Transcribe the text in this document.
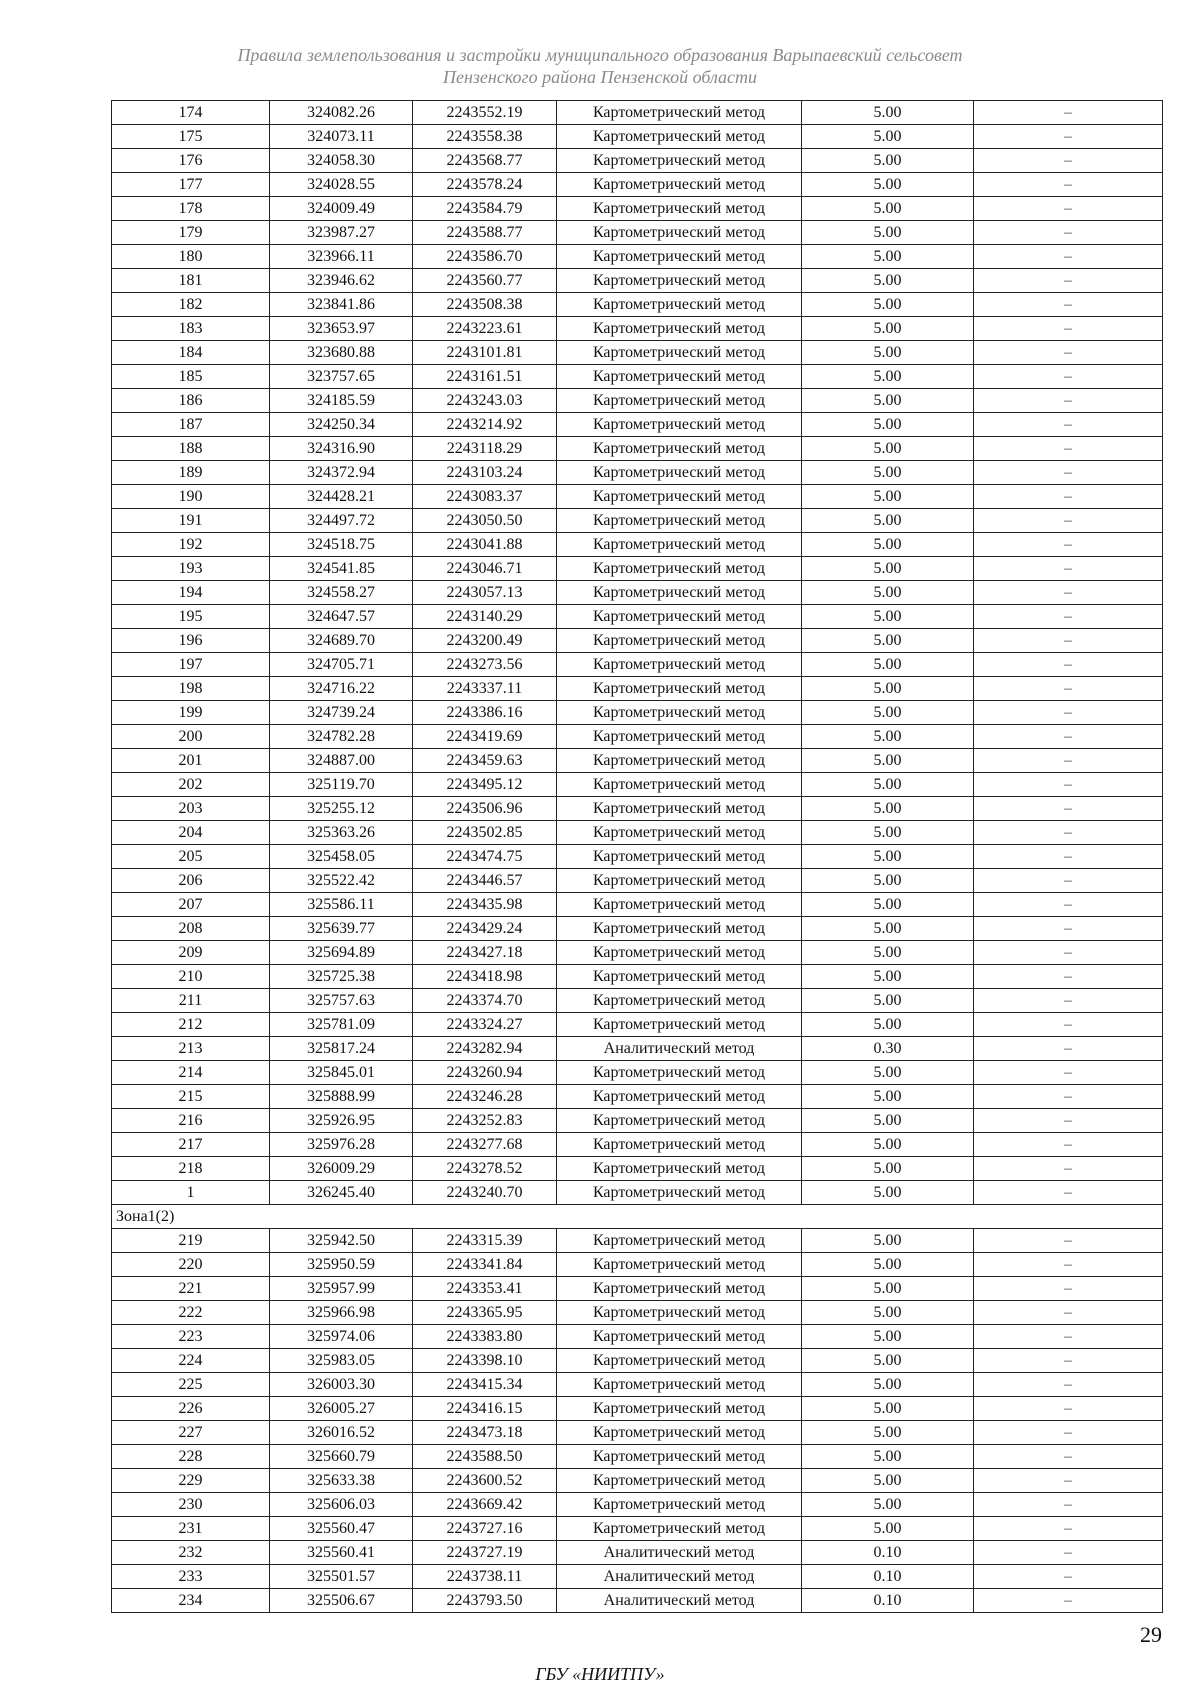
Правила землепользования и застройки муниципального образования Варыпаевский сельсовет
Пензенского района Пензенской области
174	324082.26	2243552.19	Картометрический метод	5.00	–
175	324073.11	2243558.38	Картометрический метод	5.00	–
176	324058.30	2243568.77	Картометрический метод	5.00	–
177	324028.55	2243578.24	Картометрический метод	5.00	–
178	324009.49	2243584.79	Картометрический метод	5.00	–
179	323987.27	2243588.77	Картометрический метод	5.00	–
180	323966.11	2243586.70	Картометрический метод	5.00	–
181	323946.62	2243560.77	Картометрический метод	5.00	–
182	323841.86	2243508.38	Картометрический метод	5.00	–
183	323653.97	2243223.61	Картометрический метод	5.00	–
184	323680.88	2243101.81	Картометрический метод	5.00	–
185	323757.65	2243161.51	Картометрический метод	5.00	–
186	324185.59	2243243.03	Картометрический метод	5.00	–
187	324250.34	2243214.92	Картометрический метод	5.00	–
188	324316.90	2243118.29	Картометрический метод	5.00	–
189	324372.94	2243103.24	Картометрический метод	5.00	–
190	324428.21	2243083.37	Картометрический метод	5.00	–
191	324497.72	2243050.50	Картометрический метод	5.00	–
192	324518.75	2243041.88	Картометрический метод	5.00	–
193	324541.85	2243046.71	Картометрический метод	5.00	–
194	324558.27	2243057.13	Картометрический метод	5.00	–
195	324647.57	2243140.29	Картометрический метод	5.00	–
196	324689.70	2243200.49	Картометрический метод	5.00	–
197	324705.71	2243273.56	Картометрический метод	5.00	–
198	324716.22	2243337.11	Картометрический метод	5.00	–
199	324739.24	2243386.16	Картометрический метод	5.00	–
200	324782.28	2243419.69	Картометрический метод	5.00	–
201	324887.00	2243459.63	Картометрический метод	5.00	–
202	325119.70	2243495.12	Картометрический метод	5.00	–
203	325255.12	2243506.96	Картометрический метод	5.00	–
204	325363.26	2243502.85	Картометрический метод	5.00	–
205	325458.05	2243474.75	Картометрический метод	5.00	–
206	325522.42	2243446.57	Картометрический метод	5.00	–
207	325586.11	2243435.98	Картометрический метод	5.00	–
208	325639.77	2243429.24	Картометрический метод	5.00	–
209	325694.89	2243427.18	Картометрический метод	5.00	–
210	325725.38	2243418.98	Картометрический метод	5.00	–
211	325757.63	2243374.70	Картометрический метод	5.00	–
212	325781.09	2243324.27	Картометрический метод	5.00	–
213	325817.24	2243282.94	Аналитический метод	0.30	–
214	325845.01	2243260.94	Картометрический метод	5.00	–
215	325888.99	2243246.28	Картометрический метод	5.00	–
216	325926.95	2243252.83	Картометрический метод	5.00	–
217	325976.28	2243277.68	Картометрический метод	5.00	–
218	326009.29	2243278.52	Картометрический метод	5.00	–
1	326245.40	2243240.70	Картометрический метод	5.00	–
Зона1(2)					
219	325942.50	2243315.39	Картометрический метод	5.00	–
220	325950.59	2243341.84	Картометрический метод	5.00	–
221	325957.99	2243353.41	Картометрический метод	5.00	–
222	325966.98	2243365.95	Картометрический метод	5.00	–
223	325974.06	2243383.80	Картометрический метод	5.00	–
224	325983.05	2243398.10	Картометрический метод	5.00	–
225	326003.30	2243415.34	Картометрический метод	5.00	–
226	326005.27	2243416.15	Картометрический метод	5.00	–
227	326016.52	2243473.18	Картометрический метод	5.00	–
228	325660.79	2243588.50	Картометрический метод	5.00	–
229	325633.38	2243600.52	Картометрический метод	5.00	–
230	325606.03	2243669.42	Картометрический метод	5.00	–
231	325560.47	2243727.16	Картометрический метод	5.00	–
232	325560.41	2243727.19	Аналитический метод	0.10	–
233	325501.57	2243738.11	Аналитический метод	0.10	–
234	325506.67	2243793.50	Аналитический метод	0.10	–
29
ГБУ «НИИТПУ»
